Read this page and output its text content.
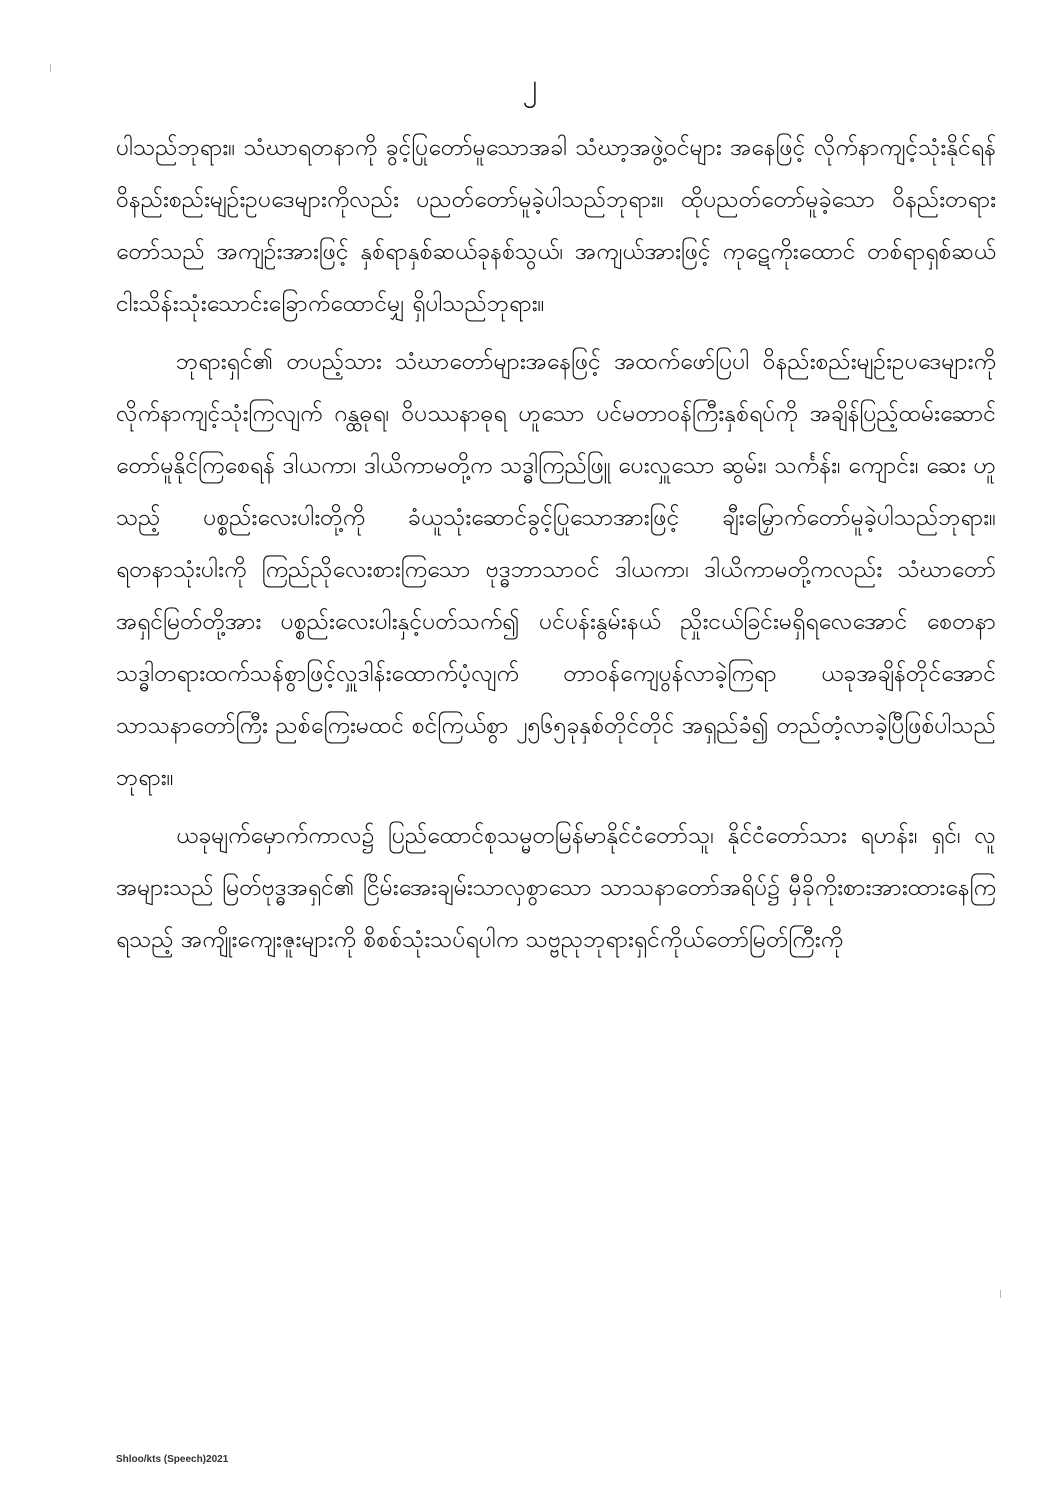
၂

ပါသည်ဘုရား။ သံဃာရတနာကို ခွင့်ပြုတော်မူသောအခါ သံဃာ့အဖွဲ့ဝင်များ အနေဖြင့် လိုက်နာကျင့်သုံးနိုင်ရန် ဝိနည်းစည်းမျဉ်းဥပဒေများကိုလည်း ပညတ်တော်မူခဲ့ပါသည်ဘုရား။ ထိုပညတ်တော်မူခဲ့သော ဝိနည်းတရားတော်သည် အကျဉ်းအားဖြင့် နှစ်ရာနှစ်ဆယ်ခုနစ်သွယ်၊ အကျယ်အားဖြင့် ကုဋေကိုးထောင် တစ်ရာရှစ်ဆယ်ငါးသိန်းသုံးသောင်းခြောက်ထောင်မျှ ရှိပါသည်ဘုရား။

ဘုရားရှင်၏ တပည့်သား သံဃာတော်များအနေဖြင့် အထက်ဖော်ပြပါ ဝိနည်းစည်းမျဉ်းဥပဒေများကို လိုက်နာကျင့်သုံးကြလျက် ဂန္ထဓုရ၊ ဝိပဿနာဓုရ ဟူသော ပင်မတာဝန်ကြီးနှစ်ရပ်ကို အချိန်ပြည့်ထမ်းဆောင်တော်မူနိုင်ကြစေရန် ဒါယကာ၊ ဒါယိကာမတို့က သဒ္ဓါကြည်ဖြူ ပေးလှူသော ဆွမ်း၊ သင်္ကန်း၊ ကျောင်း၊ ဆေး ဟူသည့် ပစ္စည်းလေးပါးတို့ကို ခံယူသုံးဆောင်ခွင့်ပြုသောအားဖြင့် ချီးမြှောက်တော်မူခဲ့ပါသည်ဘုရား။ ရတနာသုံးပါးကို ကြည်ညိုလေးစားကြသော ဗုဒ္ဓဘာသာဝင် ဒါယကာ၊ ဒါယိကာမတို့ကလည်း သံဃာတော်အရှင်မြတ်တို့အား ပစ္စည်းလေးပါးနှင့်ပတ်သက်၍ ပင်ပန်းနွမ်းနယ် ညှိုးငယ်ခြင်းမရှိရလေအောင် စေတနာသဒ္ဓါတရားထက်သန်စွာဖြင့်လှူဒါန်းထောက်ပံ့လျက် တာဝန်ကျေပွန်လာခဲ့ကြရာ ယခုအချိန်တိုင်အောင် သာသနာတော်ကြီး ညစ်ကြေးမထင် စင်ကြယ်စွာ ၂၅၆၅ခုနှစ်တိုင်တိုင် အရှည်ခံ၍ တည်တံ့လာခဲ့ပြီဖြစ်ပါသည်ဘုရား။

ယခုမျက်မှောက်ကာလ၌ ပြည်ထောင်စုသမ္မတမြန်မာနိုင်ငံတော်သူ၊ နိုင်ငံတော်သား ရဟန်း၊ ရှင်၊ လူ အများသည် မြတ်ဗုဒ္ဓအရှင်၏ ငြိမ်းအေးချမ်းသာလှစွာသော သာသနာတော်အရိပ်၌ မှီခိုကိုးစားအားထားနေကြရသည့် အကျိုးကျေးဇူးများကို စိစစ်သုံးသပ်ရပါက သဗ္ဗညုဘုရားရှင်ကိုယ်တော်မြတ်ကြီးကို

Shloo/kts (Speech)2021
